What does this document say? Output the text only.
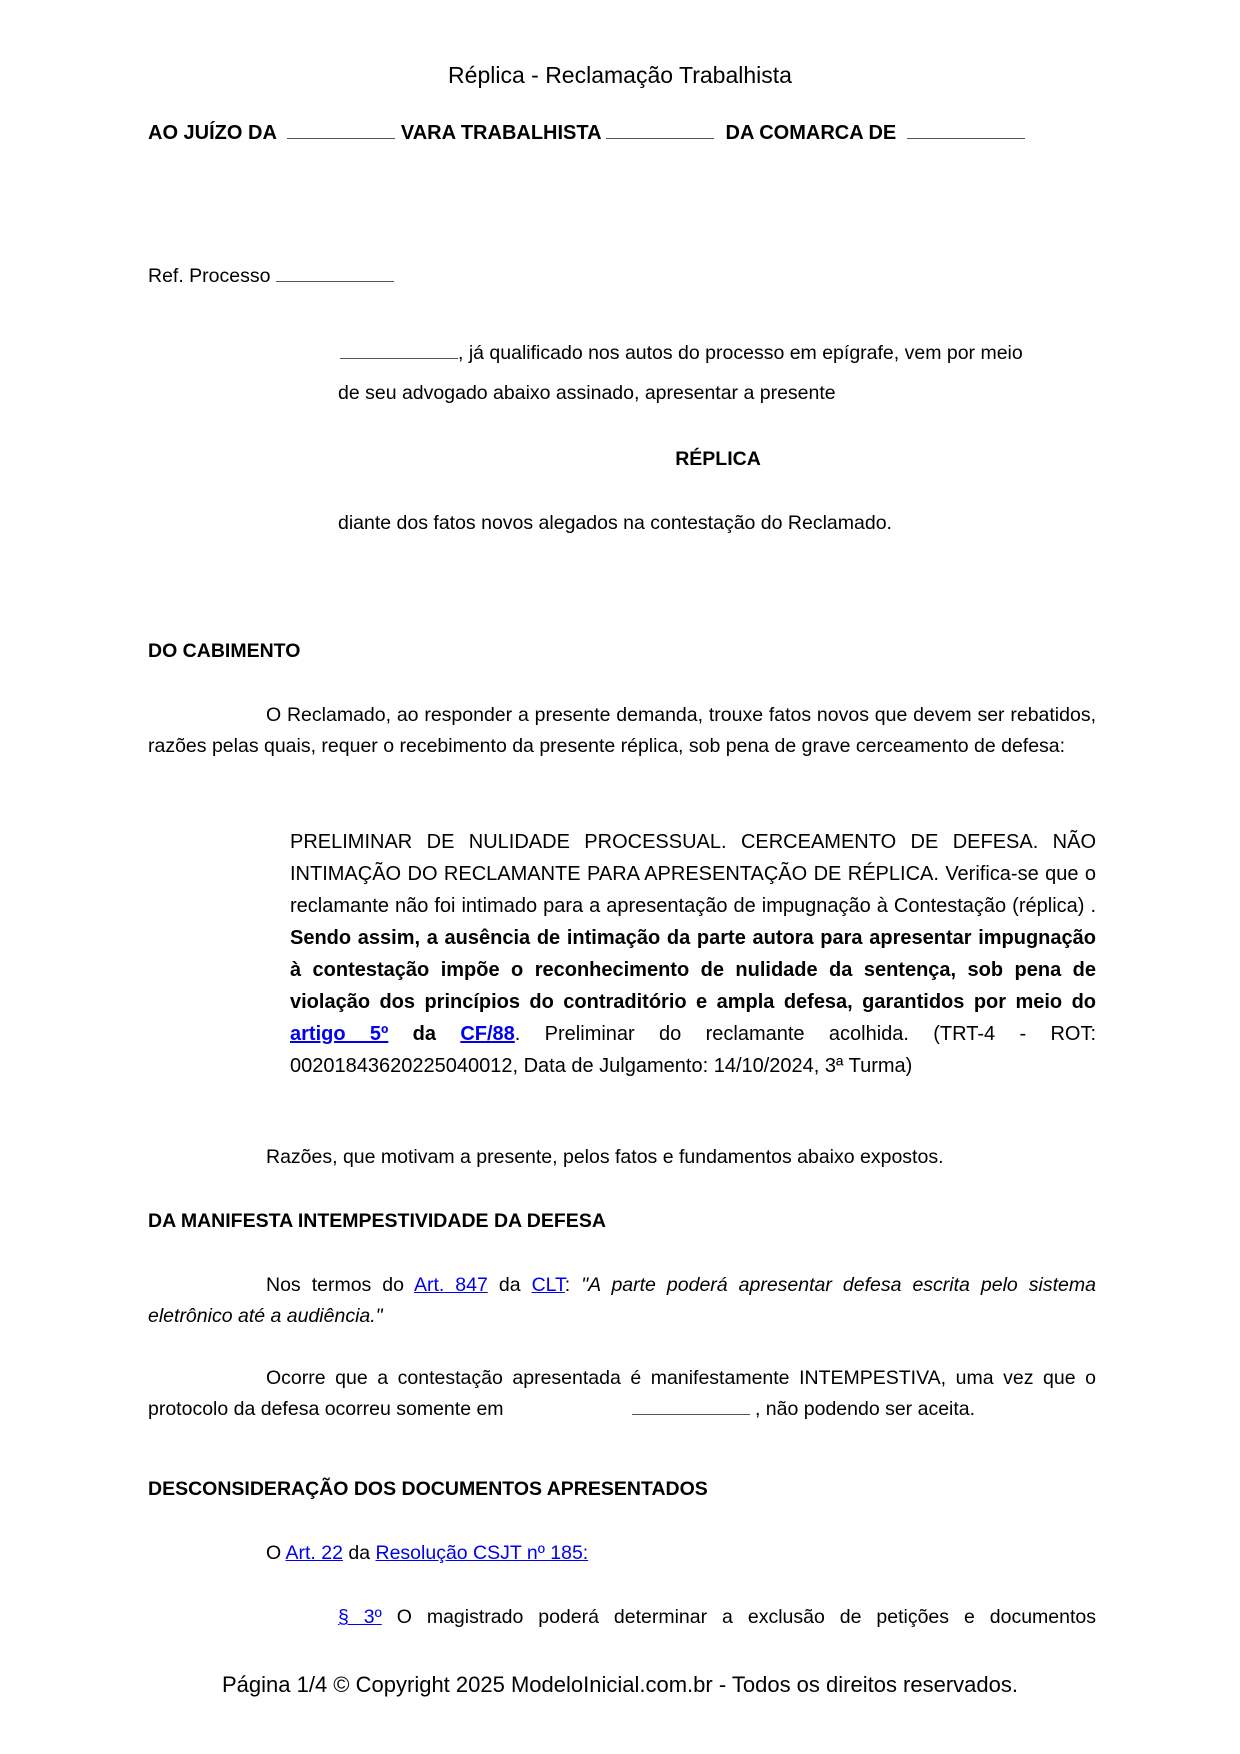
Réplica - Reclamação Trabalhista
AO JUÍZO DA	VARA TRABALHISTA	DA COMARCA DE
Ref. Processo
, já qualificado nos autos do processo em epígrafe, vem por meio
de seu advogado abaixo assinado, apresentar a presente
RÉPLICA
diante dos fatos novos alegados na contestação do Reclamado.
DO CABIMENTO
O Reclamado, ao responder a presente demanda, trouxe fatos novos que devem ser rebatidos, razões pelas quais, requer o recebimento da presente réplica, sob pena de grave cerceamento de defesa:
PRELIMINAR DE NULIDADE PROCESSUAL. CERCEAMENTO DE DEFESA. NÃO INTIMAÇÃO DO RECLAMANTE PARA APRESENTAÇÃO DE RÉPLICA. Verifica-se que o reclamante não foi intimado para a apresentação de impugnação à Contestação (réplica) . Sendo assim, a ausência de intimação da parte autora para apresentar impugnação à contestação impõe o reconhecimento de nulidade da sentença, sob pena de violação dos princípios do contraditório e ampla defesa, garantidos por meio do artigo 5º da CF/88. Preliminar do reclamante acolhida. (TRT-4 - ROT: 00201843620225040012, Data de Julgamento: 14/10/2024, 3ª Turma)
Razões, que motivam a presente, pelos fatos e fundamentos abaixo expostos.
DA MANIFESTA INTEMPESTIVIDADE DA DEFESA
Nos termos do Art. 847 da CLT: "A parte poderá apresentar defesa escrita pelo sistema eletrônico até a audiência."
Ocorre que a contestação apresentada é manifestamente INTEMPESTIVA, uma vez que o protocolo da defesa ocorreu somente em	, não podendo ser aceita.
DESCONSIDERAÇÃO DOS DOCUMENTOS APRESENTADOS
O Art. 22 da Resolução CSJT nº 185:
§ 3º O magistrado poderá determinar a exclusão de petições e documentos
Página 1/4 © Copyright 2025 ModeloInicial.com.br - Todos os direitos reservados.
